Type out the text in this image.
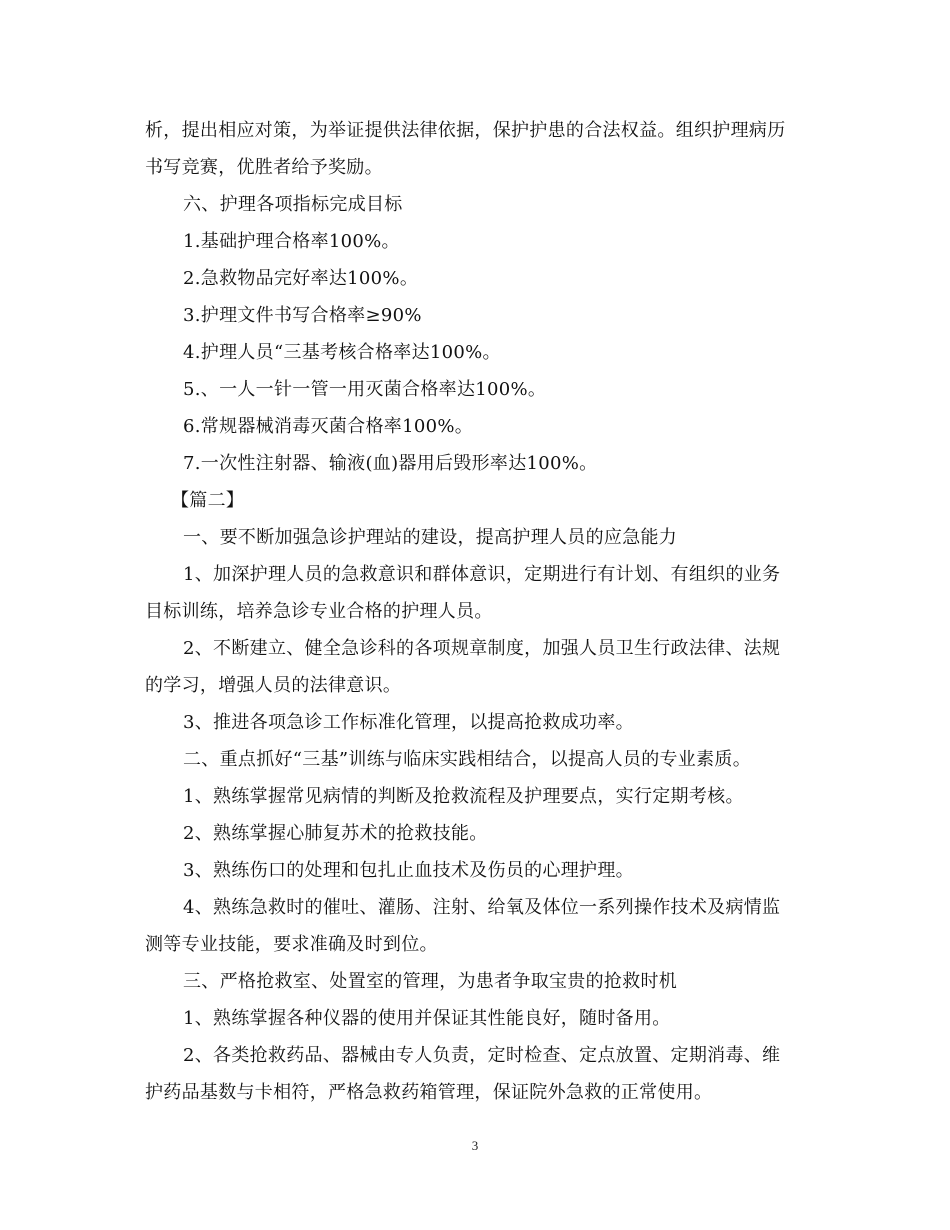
析，提出相应对策，为举证提供法律依据，保护护患的合法权益。组织护理病历
书写竞赛，优胜者给予奖励。
六、护理各项指标完成目标
1.基础护理合格率100%。
2.急救物品完好率达100%。
3.护理文件书写合格率≥90%
4.护理人员“三基考核合格率达100%。
5.、一人一针一管一用灭菌合格率达100%。
6.常规器械消毒灭菌合格率100%。
7.一次性注射器、输液(血)器用后毁形率达100%。
【篇二】
一、要不断加强急诊护理站的建设，提高护理人员的应急能力
1、加深护理人员的急救意识和群体意识，定期进行有计划、有组织的业务
目标训练，培养急诊专业合格的护理人员。
2、不断建立、健全急诊科的各项规章制度，加强人员卫生行政法律、法规
的学习，增强人员的法律意识。
3、推进各项急诊工作标准化管理，以提高抢救成功率。
二、重点抓好“三基”训练与临床实践相结合，以提高人员的专业素质。
1、熟练掌握常见病情的判断及抢救流程及护理要点，实行定期考核。
2、熟练掌握心肺复苏术的抢救技能。
3、熟练伤口的处理和包扎止血技术及伤员的心理护理。
4、熟练急救时的催吐、灌肠、注射、给氧及体位一系列操作技术及病情监
测等专业技能，要求准确及时到位。
三、严格抢救室、处置室的管理，为患者争取宝贵的抢救时机
1、熟练掌握各种仪器的使用并保证其性能良好，随时备用。
2、各类抢救药品、器械由专人负责，定时检查、定点放置、定期消毒、维
护药品基数与卡相符，严格急救药箱管理，保证院外急救的正常使用。
3
